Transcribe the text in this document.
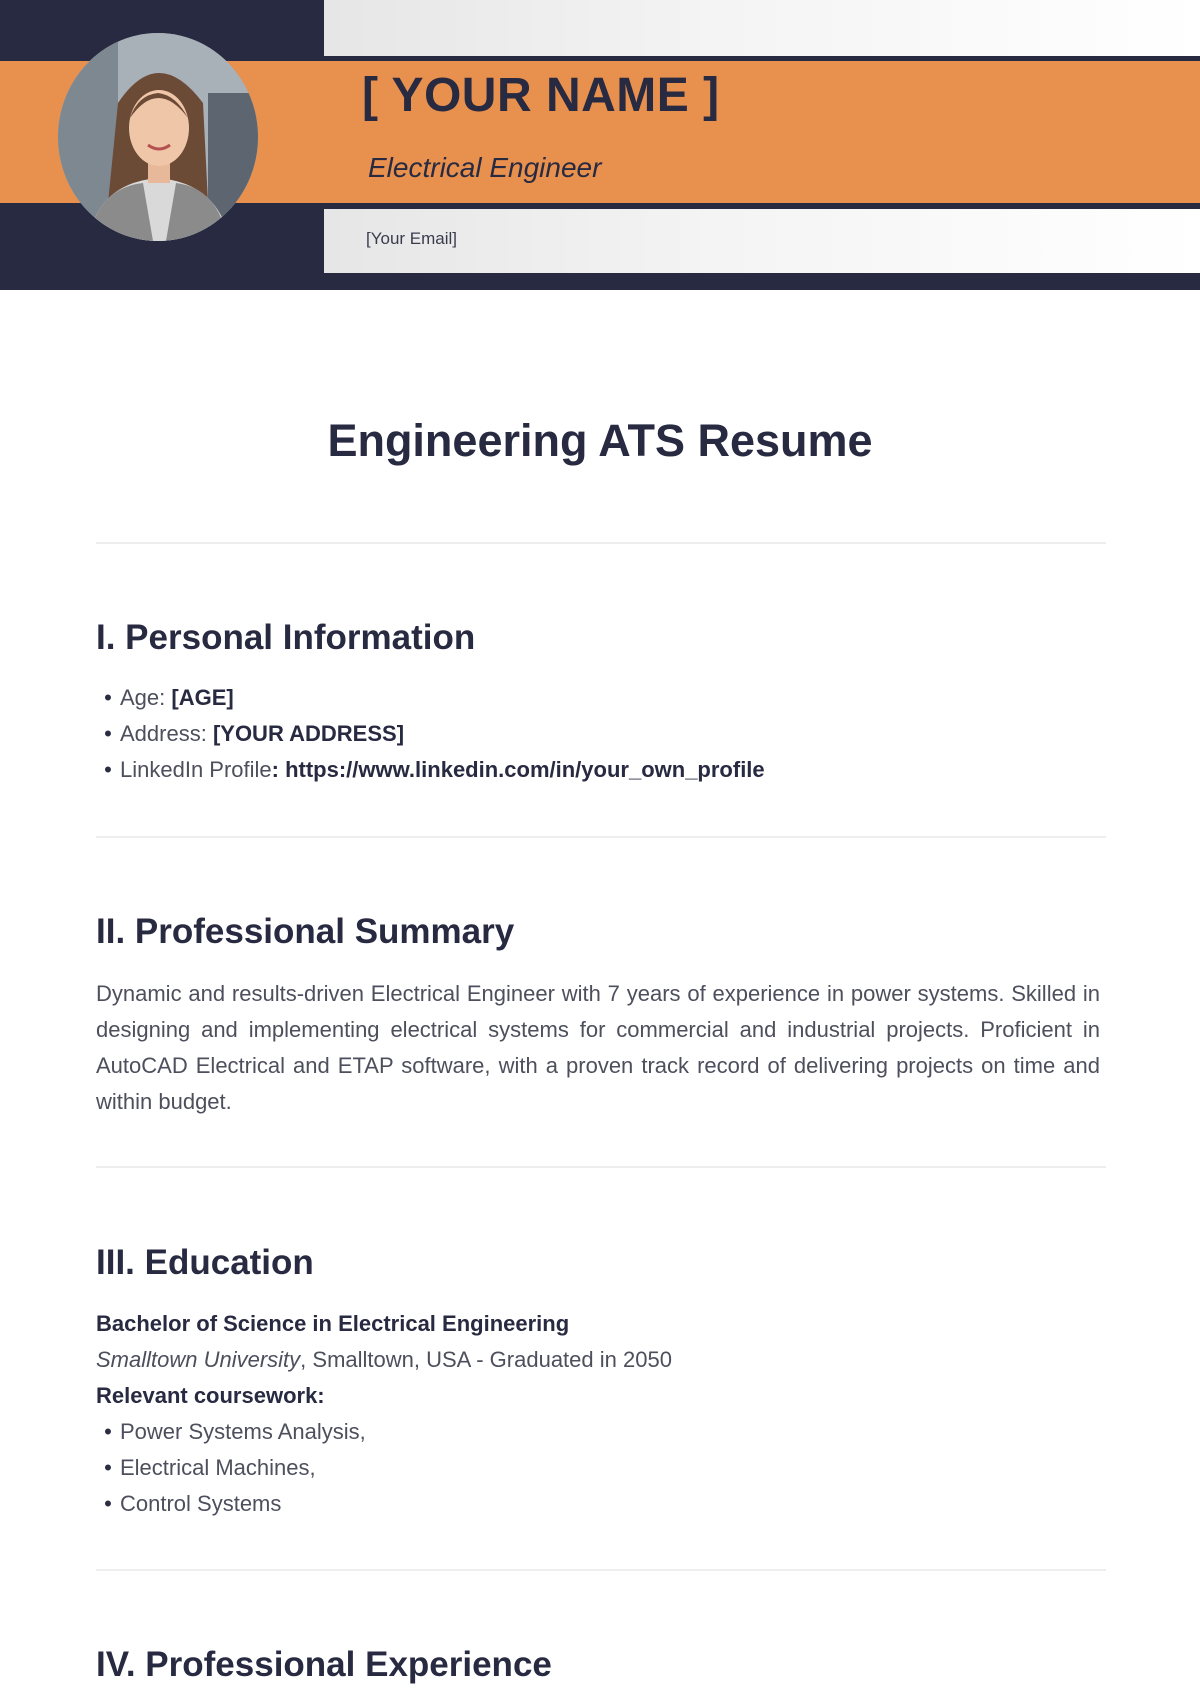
[ YOUR NAME ]

Electrical Engineer

[Your Email]

Engineering ATS Resume
I. Personal Information
• Age: [AGE]
• Address: [YOUR ADDRESS]
• LinkedIn Profile: https://www.linkedin.com/in/your_own_profile
II. Professional Summary

Dynamic and results-driven Electrical Engineer with 7 years of experience in power systems. Skilled in designing and implementing electrical systems for commercial and industrial projects. Proficient in AutoCAD Electrical and ETAP software, with a proven track record of delivering projects on time and within budget.

III. Education

Bachelor of Science in Electrical Engineering

Smalltown University, Smalltown, USA - Graduated in 2050

Relevant coursework:

• Power Systems Analysis,
• Electrical Machines,
• Control Systems
IV. Professional Experience
